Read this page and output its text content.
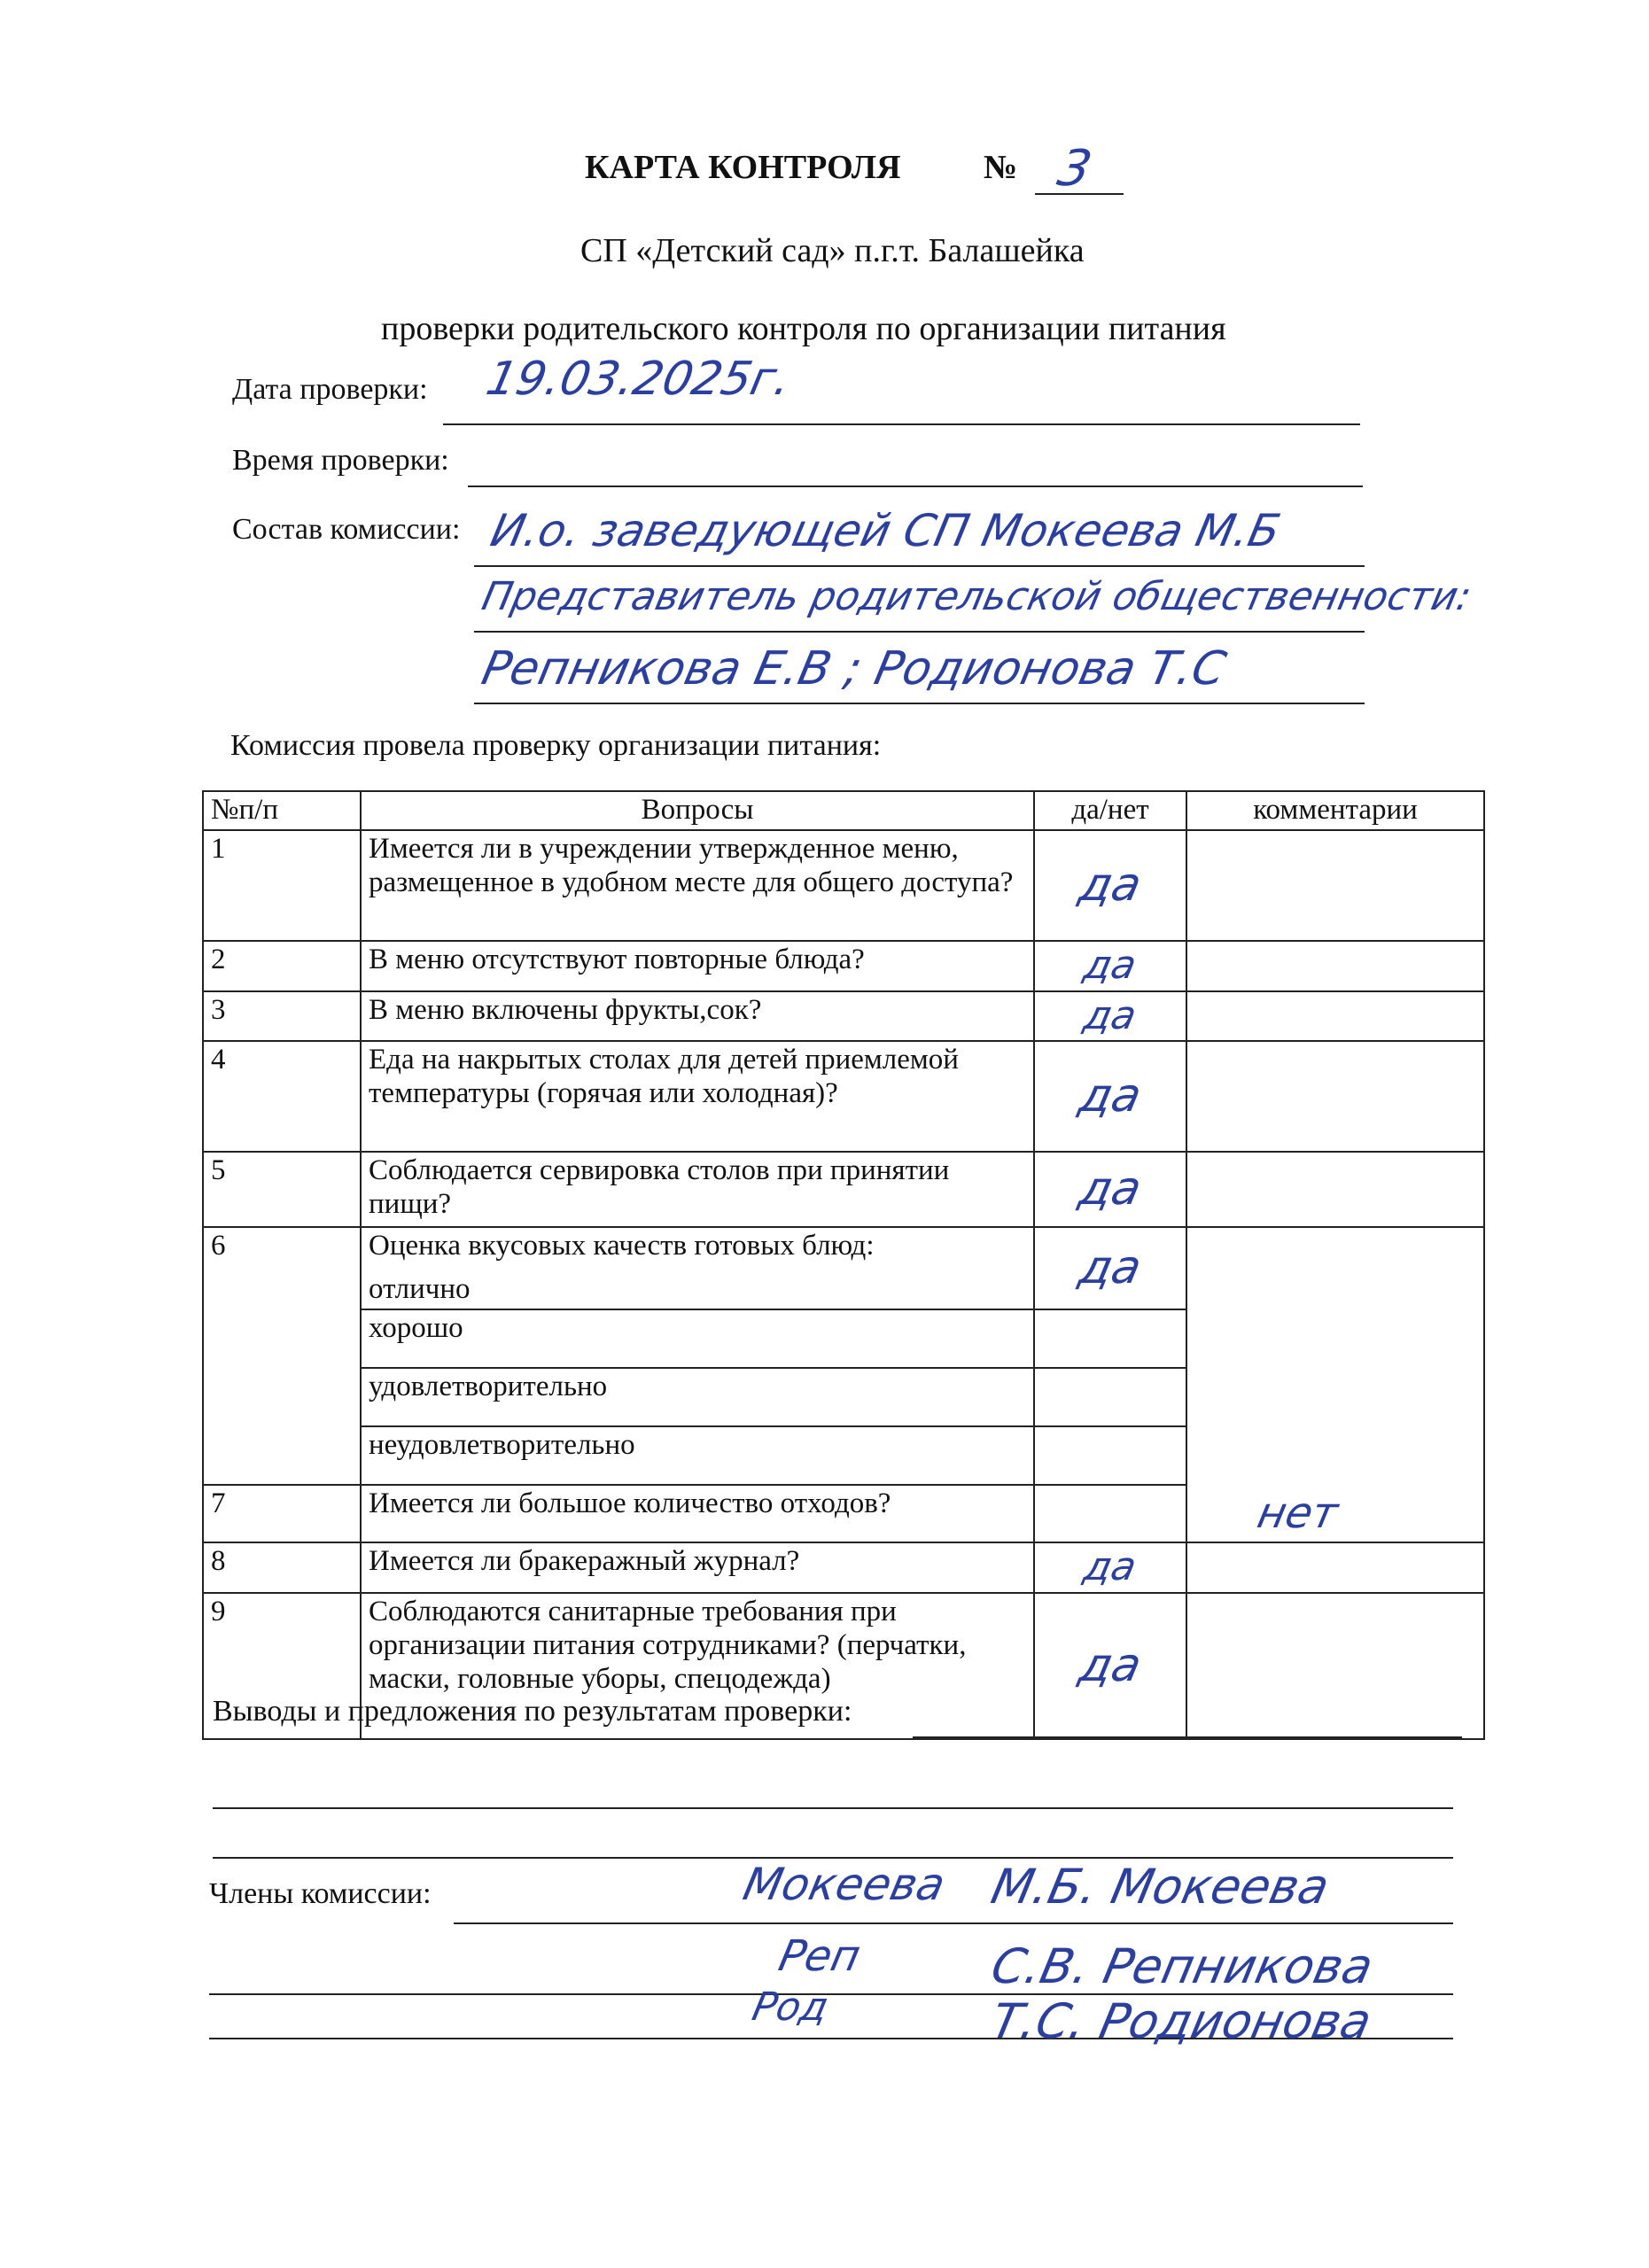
КАРТА КОНТРОЛЯ № 3
СП «Детский сад» п.г.т. Балашейка
проверки родительского контроля по организации питания
Дата проверки: 19.03.2025г.
Время проверки:
Состав комиссии: И.о. заведующей СП Мокеева М.Б
Представитель родительской общественности:
Репникова Е.В ; Родионова Т.С
Комиссия провела проверку организации питания:
№п/п	Вопросы	да/нет	комментарии
1	Имеется ли в учреждении утвержденное меню, размещенное в удобном месте для общего доступа?	да	
2	В меню отсутствуют повторные блюда?	да	
3	В меню включены фрукты,сок?	да	
4	Еда на накрытых столах для детей приемлемой температуры (горячая или холодная)?	да	
5	Соблюдается сервировка столов при принятии пищи?	да	
6	Оценка вкусовых качеств готовых блюд:	да	нет

	отлично		
	хорошо		
	удовлетворительно		
	неудовлетворительно		
7	Имеется ли большое количество отходов?		
8	Имеется ли бракеражный журнал?	да	
9	Соблюдаются санитарные требования при организации питания сотрудниками? (перчатки, маски, головные уборы, спецодежда)	да	
Выводы и предложения по результатам проверки:
Члены комиссии:	Мокеева М.Б. Мокеева
Реп	С.В. Репникова
Род	Т.С. Родионова
